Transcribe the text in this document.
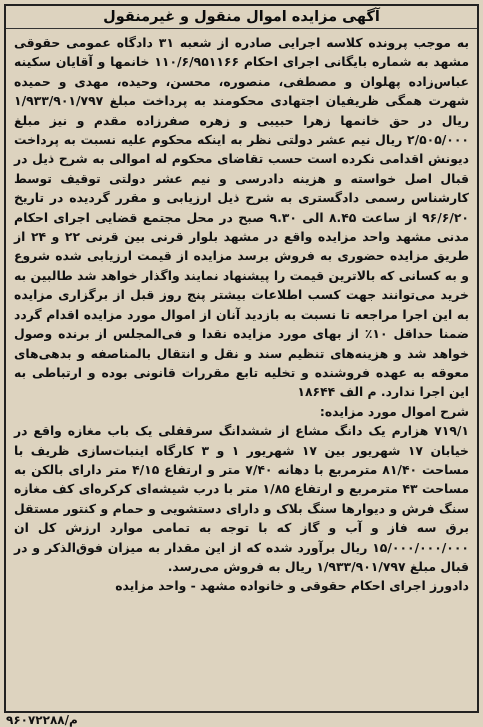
آگهی مزایده اموال منقول و غیرمنقول

به موجب پرونده کلاسه اجرایی صادره از شعبه ۳۱ دادگاه عمومی حقوقی مشهد به شماره بایگانی اجرای احکام ۱۱۰/۶/۹۵۱۱۶۶ خانمها و آقایان سکینه عباس‌زاده پهلوان و مصطفی، منصوره، محسن، وحیده، مهدی و حمیده شهرت همگی ظریفیان اجتهادی محکومند به پرداخت مبلغ ۱/۹۳۳/۹۰۱/۷۹۷ ریال در حق خانمها زهرا حبیبی و زهره صفرزاده مقدم و نیز مبلغ ۲/۵۰۵/۰۰۰ ریال نیم عشر دولتی نظر به اینکه محکوم علیه نسبت به پرداخت دیونش اقدامی نکرده است حسب تقاضای محکوم له اموالی به شرح ذیل در قبال اصل خواسته و هزینه دادرسی و نیم عشر دولتی توقیف توسط کارشناس رسمی دادگستری به شرح ذیل ارزیابی و مقرر گردیده در تاریخ ۹۶/۶/۲۰ از ساعت ۸.۴۵ الی ۹.۳۰ صبح در محل مجتمع قضایی اجرای احکام مدنی مشهد واحد مزایده واقع در مشهد بلوار قرنی بین قرنی ۲۲ و ۲۴ از طریق مزایده حضوری به فروش برسد مزایده از قیمت ارزیابی شده شروع و به کسانی که بالاترین قیمت را پیشنهاد نمایند واگذار خواهد شد طالبین به خرید می‌توانند جهت کسب اطلاعات بیشتر پنج روز قبل از برگزاری مزایده به این اجرا مراجعه تا نسبت به بازدید آنان از اموال مورد مزایده اقدام گردد ضمنا حداقل ۱۰٪ از بهای مورد مزایده نقدا و فی‌المجلس از برنده وصول خواهد شد و هزینه‌های تنظیم سند و نقل و انتقال بالمناصفه و بدهی‌های معوقه به عهده فروشنده و تخلیه تابع مقررات قانونی بوده و ارتباطی به این اجرا ندارد. م الف ۱۸۶۴۴

شرح اموال مورد مزایده:

۷۱۹/۱ هزارم یک دانگ مشاع از ششدانگ سرقفلی یک باب مغازه واقع در خیابان ۱۷ شهریور بین ۱۷ شهریور ۱ و ۳ کارگاه اینبات‌سازی ظریف با مساحت ۸۱/۴۰ مترمربع با دهانه ۷/۴۰ متر و ارتفاع ۴/۱۵ متر دارای بالکن به مساحت ۴۳ مترمربع و ارتفاع ۱/۸۵ متر با درب شیشه‌ای کرکره‌ای کف مغازه سنگ فرش و دیوارها سنگ بلاک و دارای دستشویی و حمام و کنتور مستقل برق سه فاز و آب و گاز که با توجه به تمامی موارد ارزش کل ان ۱۵/۰۰۰/۰۰۰/۰۰۰ ریال برآورد شده که از این مقدار به میزان فوق‌الذکر و در قبال مبلغ ۱/۹۳۳/۹۰۱/۷۹۷ ریال به فروش می‌رسد.

دادورز اجرای احکام حقوقی و خانواده مشهد - واحد مزایده

م/۹۶۰۷۲۲۸۸
